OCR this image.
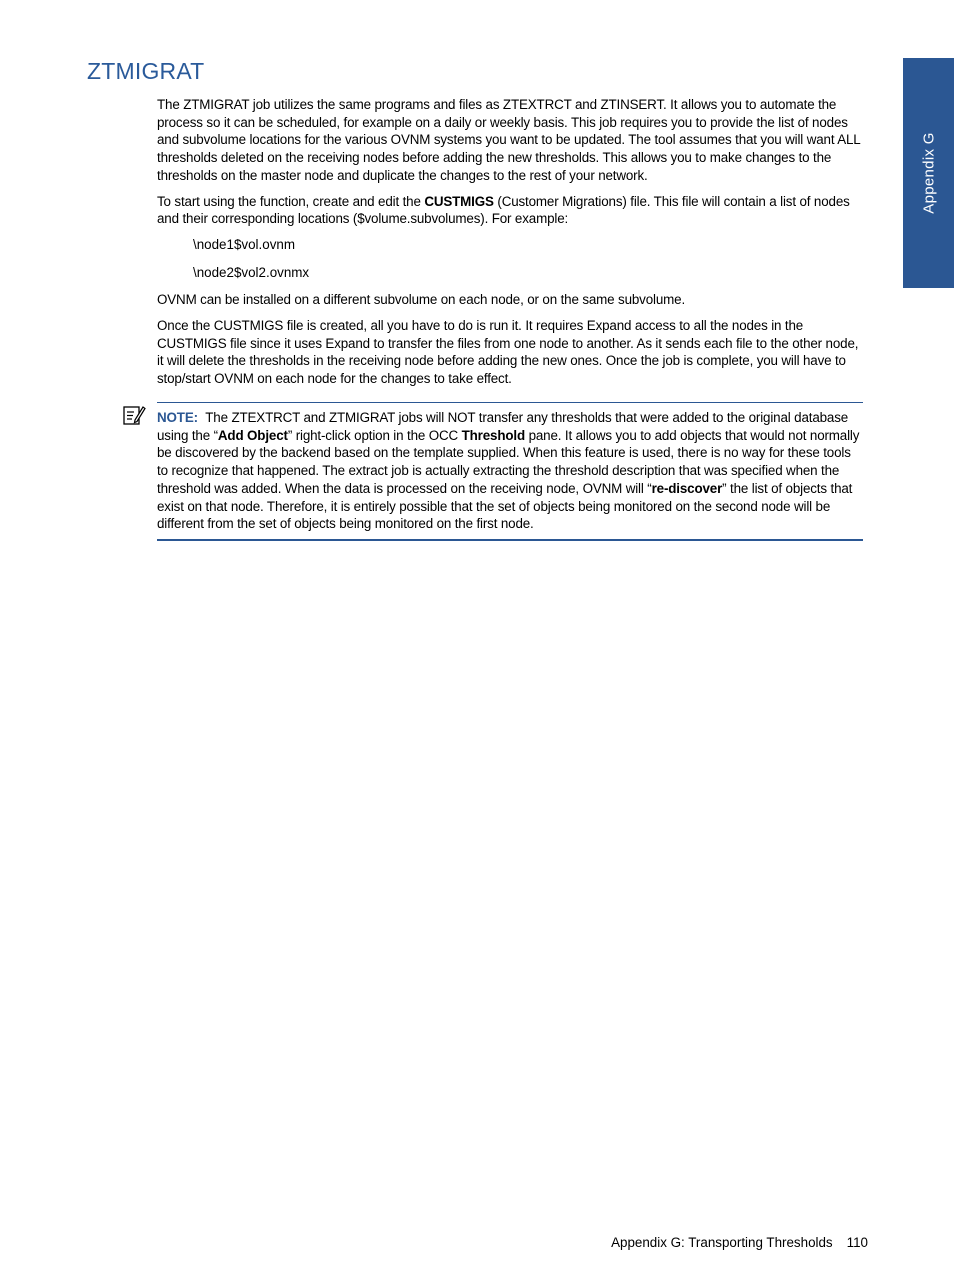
ZTMIGRAT
Appendix G

The ZTMIGRAT job utilizes the same programs and files as ZTEXTRCT and ZTINSERT. It allows you to automate the process so it can be scheduled, for example on a daily or weekly basis. This job requires you to provide the list of nodes and subvolume locations for the various OVNM systems you want to be updated. The tool assumes that you will want ALL thresholds deleted on the receiving nodes before adding the new thresholds. This allows you to make changes to the thresholds on the master node and duplicate the changes to the rest of your network.

To start using the function, create and edit the CUSTMIGS (Customer Migrations) file. This file will contain a list of nodes and their corresponding locations ($volume.subvolumes). For example:

\node1$vol.ovnm

\node2$vol2.ovnmx

OVNM can be installed on a different subvolume on each node, or on the same subvolume.

Once the CUSTMIGS file is created, all you have to do is run it. It requires Expand access to all the nodes in the CUSTMIGS file since it uses Expand to transfer the files from one node to another. As it sends each file to the other node, it will delete the thresholds in the receiving node before adding the new ones. Once the job is complete, you will have to stop/start OVNM on each node for the changes to take effect.

NOTE: The ZTEXTRCT and ZTMIGRAT jobs will NOT transfer any thresholds that were added to the original database using the “Add Object” right-click option in the OCC Threshold pane. It allows you to add objects that would not normally be discovered by the backend based on the template supplied. When this feature is used, there is no way for these tools to recognize that happened. The extract job is actually extracting the threshold description that was specified when the threshold was added. When the data is processed on the receiving node, OVNM will “re-discover” the list of objects that exist on that node. Therefore, it is entirely possible that the set of objects being monitored on the second node will be different from the set of objects being monitored on the first node.

Appendix G: Transporting Thresholds 110
